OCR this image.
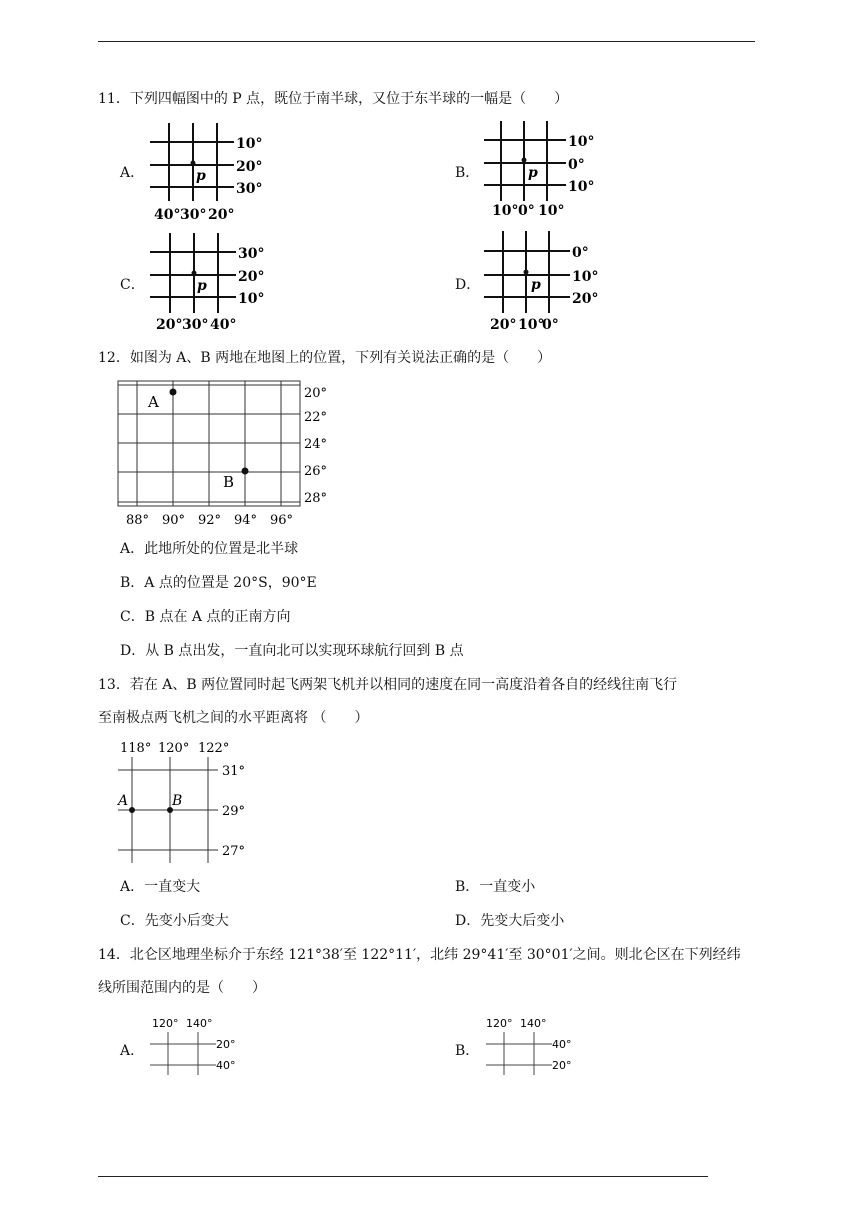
11．下列四幅图中的 P 点，既位于南半球，又位于东半球的一幅是（　　）
A．	p
10°
20°
30°
40° 30° 20°
B．	p
10°
0°
10°
10° 0° 10°
C．	p
30°
20°
10°
20° 30° 40°
D．	p
0°
10°
20°
20° 10°
0°
12．如图为 A、B 两地在地图上的位置，下列有关说法正确的是（　　）
A
B
20°
22°
24°
26°
28°
88° 90° 92° 94° 96°
A．此地所处的位置是北半球
B．A 点的位置是 20°S，90°E
C．B 点在 A 点的正南方向
D．从 B 点出发，一直向北可以实现环球航行回到 B 点
13．若在 A、B 两位置同时起飞两架飞机并以相同的速度在同一高度沿着各自的经线往南飞行
至南极点两飞机之间的水平距离将 （　　）
118° 120° 122°
A	B
31°
29°
27°
A．一直变大	B．一直变小
C．先变小后变大	D．先变大后变小
14．北仑区地理坐标介于东经 121°38′至 122°11′，北纬 29°41′至 30°01′之间。则北仑区在下列经纬
线所围范围内的是（　　）
A．
120° 140°
20°
40°
B．
120° 140°
40°
20°
